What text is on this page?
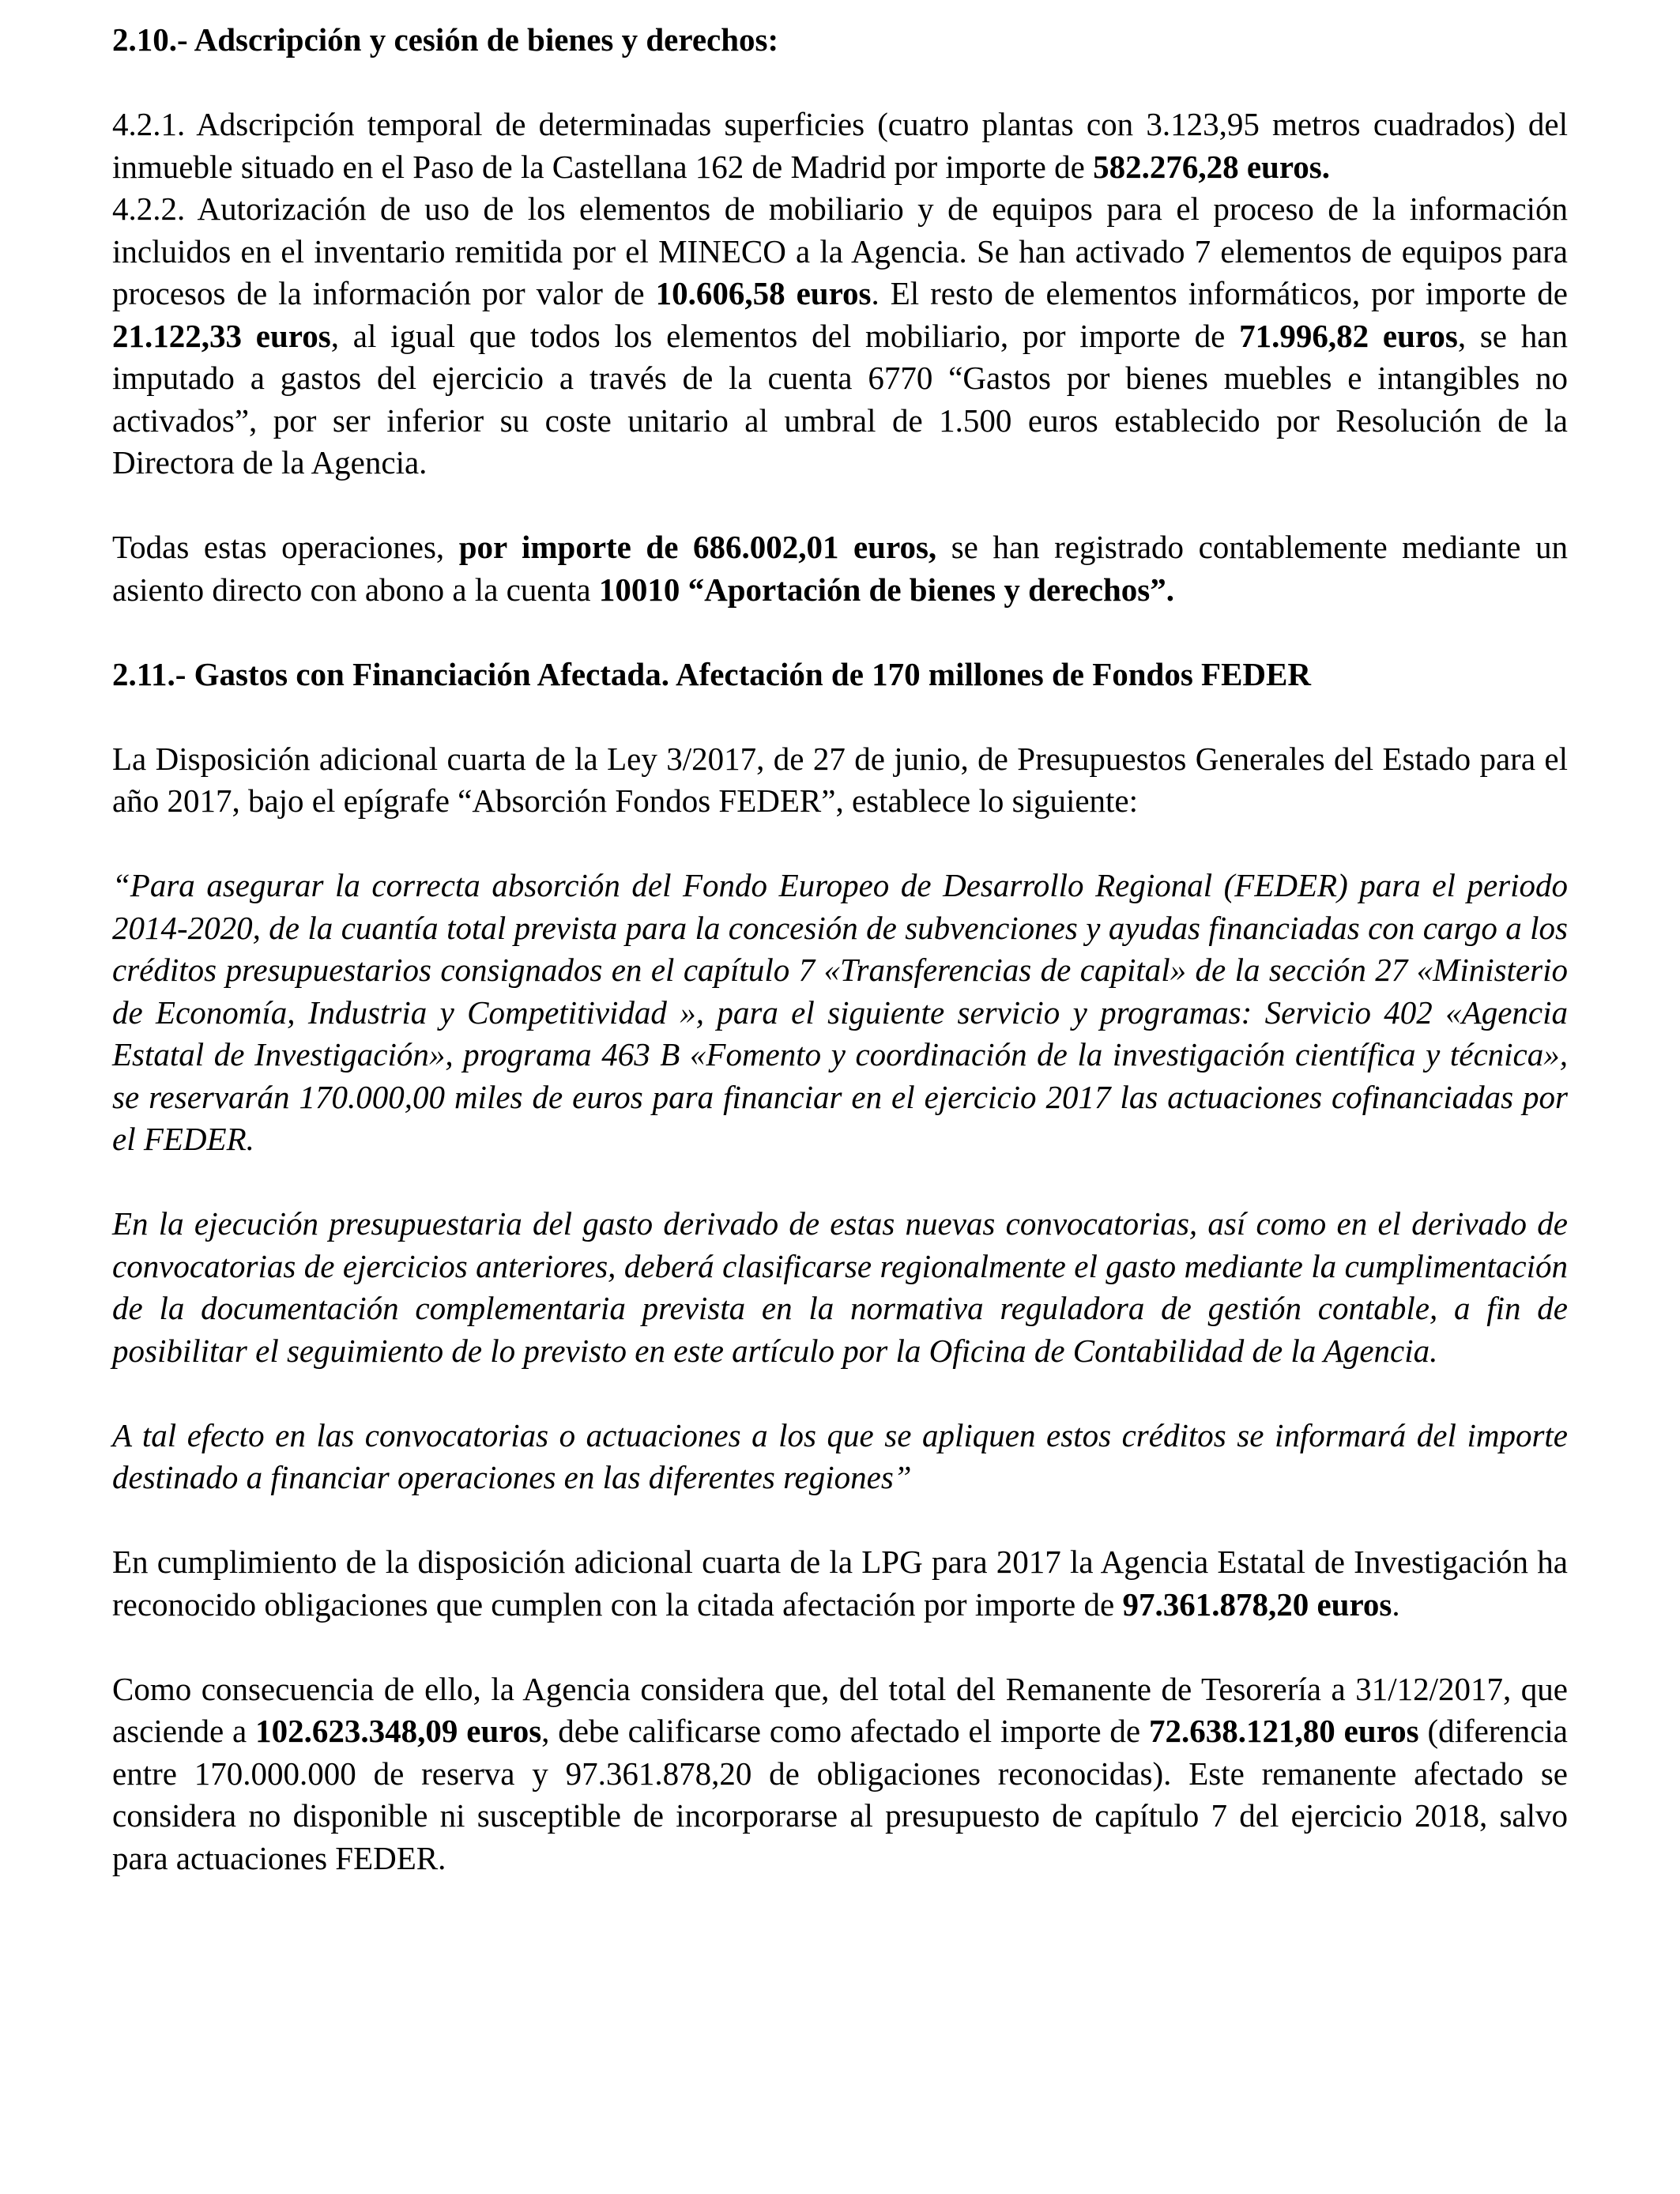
2.10.- Adscripción y cesión de bienes y derechos:

4.2.1. Adscripción temporal de determinadas superficies (cuatro plantas con 3.123,95 metros cuadrados) del inmueble situado en el Paso de la Castellana 162 de Madrid por importe de 582.276,28 euros.

4.2.2. Autorización de uso de los elementos de mobiliario y de equipos para el proceso de la información incluidos en el inventario remitida por el MINECO a la Agencia. Se han activado 7 elementos de equipos para procesos de la información por valor de 10.606,58 euros. El resto de elementos informáticos, por importe de 21.122,33 euros, al igual que todos los elementos del mobiliario, por importe de 71.996,82 euros, se han imputado a gastos del ejercicio a través de la cuenta 6770 “Gastos por bienes muebles e intangibles no activados”, por ser inferior su coste unitario al umbral de 1.500 euros establecido por Resolución de la Directora de la Agencia.

Todas estas operaciones, por importe de 686.002,01 euros, se han registrado contablemente mediante un asiento directo con abono a la cuenta 10010 “Aportación de bienes y derechos”.

2.11.- Gastos con Financiación Afectada. Afectación de 170 millones de Fondos FEDER

La Disposición adicional cuarta de la Ley 3/2017, de 27 de junio, de Presupuestos Generales del Estado para el año 2017, bajo el epígrafe “Absorción Fondos FEDER”, establece lo siguiente:

“Para asegurar la correcta absorción del Fondo Europeo de Desarrollo Regional (FEDER) para el periodo 2014-2020, de la cuantía total prevista para la concesión de subvenciones y ayudas financiadas con cargo a los créditos presupuestarios consignados en el capítulo 7 «Transferencias de capital» de la sección 27 «Ministerio de Economía, Industria y Competitividad », para el siguiente servicio y programas: Servicio 402 «Agencia Estatal de Investigación», programa 463 B «Fomento y coordinación de la investigación científica y técnica», se reservarán 170.000,00 miles de euros para financiar en el ejercicio 2017 las actuaciones cofinanciadas por el FEDER.

En la ejecución presupuestaria del gasto derivado de estas nuevas convocatorias, así como en el derivado de convocatorias de ejercicios anteriores, deberá clasificarse regionalmente el gasto mediante la cumplimentación de la documentación complementaria prevista en la normativa reguladora de gestión contable, a fin de posibilitar el seguimiento de lo previsto en este artículo por la Oficina de Contabilidad de la Agencia.

A tal efecto en las convocatorias o actuaciones a los que se apliquen estos créditos se informará del importe destinado a financiar operaciones en las diferentes regiones”

En cumplimiento de la disposición adicional cuarta de la LPG para 2017 la Agencia Estatal de Investigación ha reconocido obligaciones que cumplen con la citada afectación por importe de 97.361.878,20 euros.

Como consecuencia de ello, la Agencia considera que, del total del Remanente de Tesorería a 31/12/2017, que asciende a 102.623.348,09 euros, debe calificarse como afectado el importe de 72.638.121,80 euros (diferencia entre 170.000.000 de reserva y 97.361.878,20 de obligaciones reconocidas). Este remanente afectado se considera no disponible ni susceptible de incorporarse al presupuesto de capítulo 7 del ejercicio 2018, salvo para actuaciones FEDER.
